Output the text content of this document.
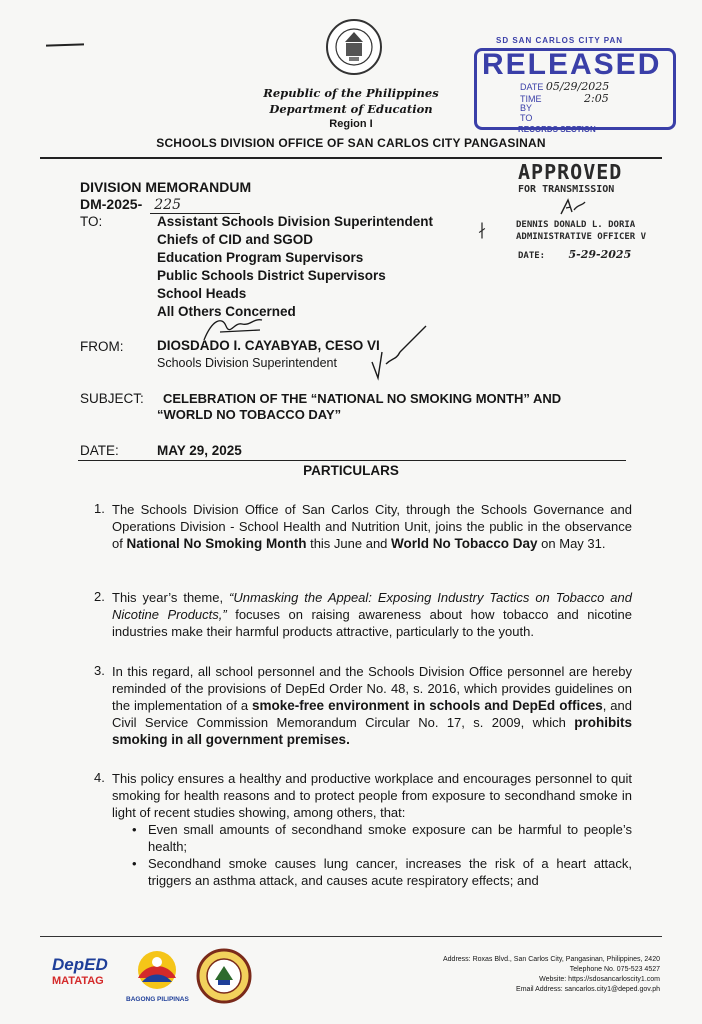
Republic of the Philippines
Department of Education
Region I
SCHOOLS DIVISION OFFICE OF SAN CARLOS CITY PANGASINAN
SD SAN CARLOS CITY PAN
RELEASED
DATE 05/29/2025
TIME	2:05
BY
TO
RECORDS SECTION
APPROVED
FOR TRANSMISSION
DENNIS DONALD L. DORIA
ADMINISTRATIVE OFFICER V
DATE: 5-29-2025
∤
DIVISION MEMORANDUM
DM-2025- 225
TO:	Assistant Schools Division Superintendent
Chiefs of CID and SGOD
Education Program Supervisors
Public Schools District Supervisors
School Heads
All Others Concerned
FROM: DIOSDADO I. CAYABYAB, CESO VI
Schools Division Superintendent
SUBJECT: CELEBRATION OF THE “NATIONAL NO SMOKING MONTH” AND
“WORLD NO TOBACCO DAY”
DATE:	MAY 29, 2025
PARTICULARS
1. The Schools Division Office of San Carlos City, through the Schools Governance and Operations Division - School Health and Nutrition Unit, joins the public in the observance of National No Smoking Month this June and World No Tobacco Day on May 31.
2. This year’s theme, “Unmasking the Appeal: Exposing Industry Tactics on Tobacco and Nicotine Products,” focuses on raising awareness about how tobacco and nicotine industries make their harmful products attractive, particularly to the youth.
3. In this regard, all school personnel and the Schools Division Office personnel are hereby reminded of the provisions of DepEd Order No. 48, s. 2016, which provides guidelines on the implementation of a smoke-free environment in schools and DepEd offices, and Civil Service Commission Memorandum Circular No. 17, s. 2009, which prohibits smoking in all government premises.
4. This policy ensures a healthy and productive workplace and encourages personnel to quit smoking for health reasons and to protect people from exposure to secondhand smoke in light of recent studies showing, among others, that:
• Even small amounts of secondhand smoke exposure can be harmful to people’s health;
• Secondhand smoke causes lung cancer, increases the risk of a heart attack, triggers an asthma attack, and causes acute respiratory effects; and
DepED
MATATAG
BAGONG PILIPINAS
Address: Roxas Blvd., San Carlos City, Pangasinan, Philippines, 2420
Telephone No. 075-523 4527
Website: https://sdosancarloscity1.com
Email Address: sancarlos.city1@deped.gov.ph
